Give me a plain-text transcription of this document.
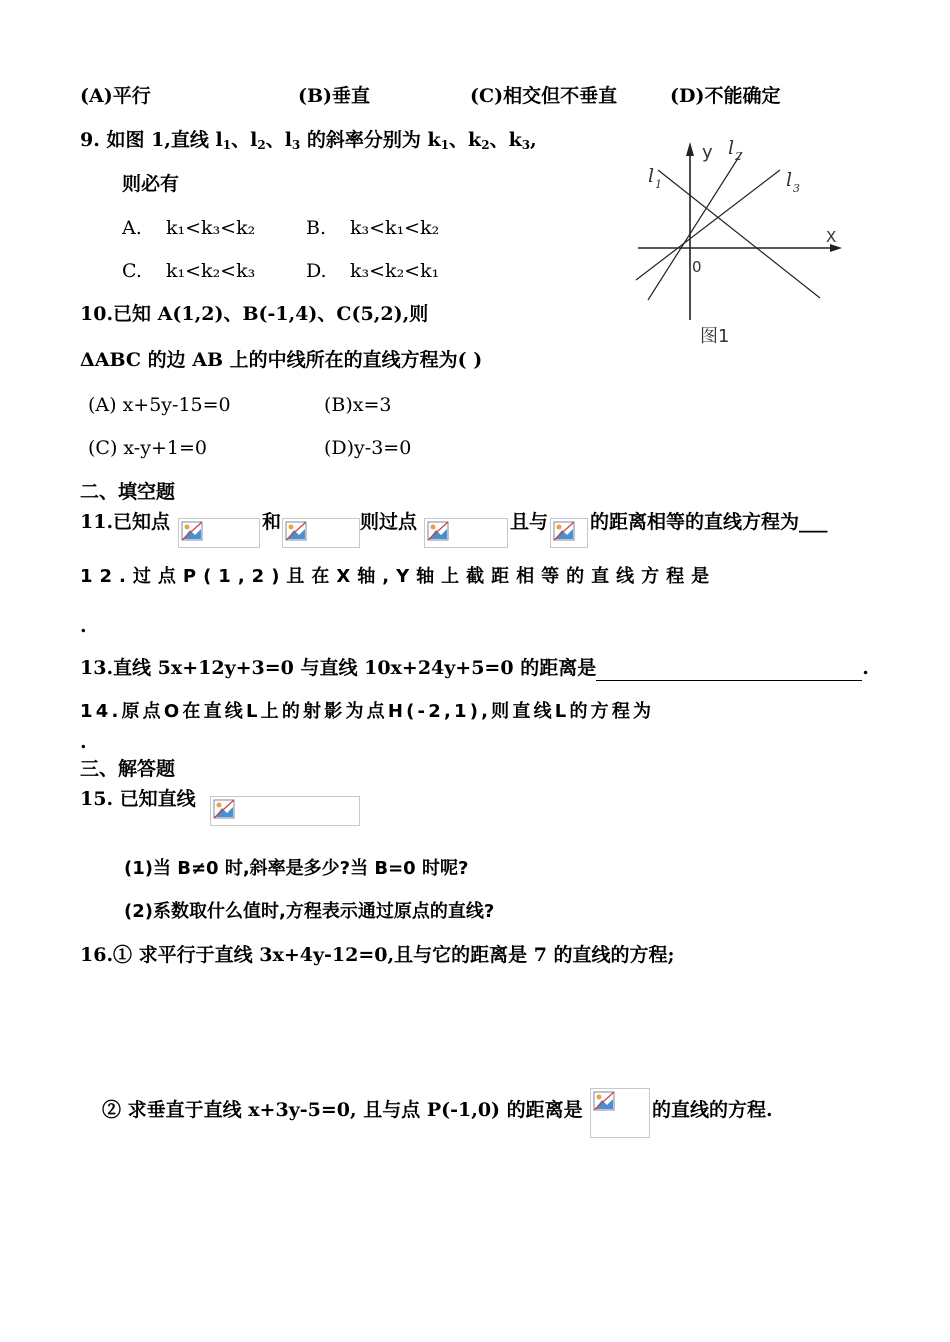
(A)平行	(B)垂直	(C)相交但不垂直	(D)不能确定
9. 如图 1,直线 $l_1$、$l_2$、$l_3$ 的斜率分别为 $k_1$、$k_2$、$k_3$,
则必有
A. k₁<k₃<k₂	B. k₃<k₁<k₂
C. k₁<k₂<k₃	D. k₃<k₂<k₁
y
X
0
l 1
l 2
l 3
图1
10.已知 A(1,2)、B(-1,4)、C(5,2),则
ΔABC 的边 AB 上的中线所在的直线方程为( )
(A) x+5y-15=0	(B)x=3
(C) x-y+1=0	(D)y-3=0
二、填空题
11.已知点	和	则过点	且与 的距离相等的直线方程为___
12.过点P(1,2)且在X轴,Y轴上截距相等的直线方程是
.
13.直线 5x+12y+3=0 与直线 10x+24y+5=0 的距离是	.
14.原点O在直线L上的射影为点H(-2,1),则直线L的方程为
.
三、解答题
15. 已知直线
(1)当 B≠0 时,斜率是多少?当 B=0 时呢?
(2)系数取什么值时,方程表示通过原点的直线?
16.① 求平行于直线 3x+4y-12=0,且与它的距离是 7 的直线的方程;
② 求垂直于直线 x+3y-5=0, 且与点 P(-1,0) 的距离是	的直线的方程.
